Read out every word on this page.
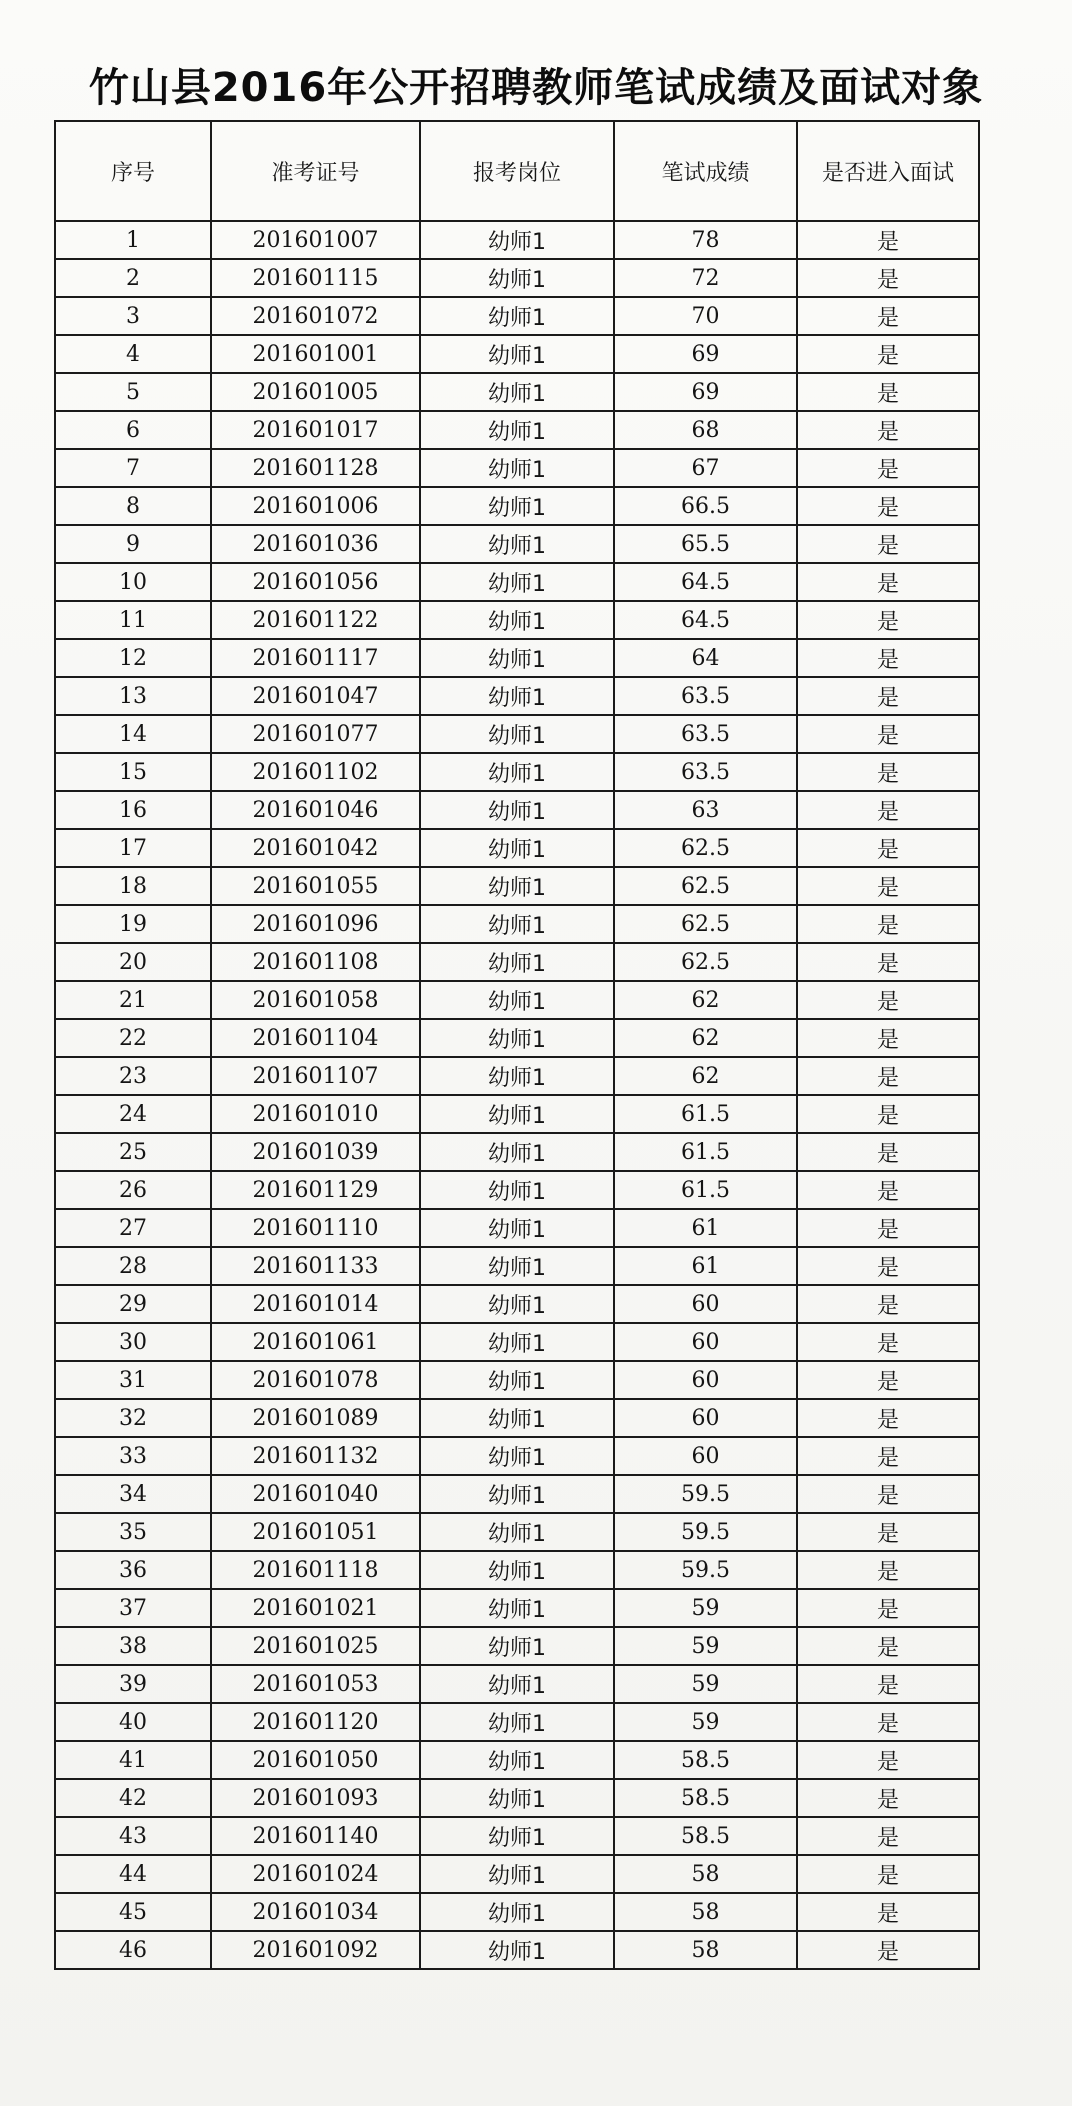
竹山县2016年公开招聘教师笔试成绩及面试对象
序号	准考证号	报考岗位	笔试成绩	是否进入面试
1	201601007	幼师1	78	是
2	201601115	幼师1	72	是
3	201601072	幼师1	70	是
4	201601001	幼师1	69	是
5	201601005	幼师1	69	是
6	201601017	幼师1	68	是
7	201601128	幼师1	67	是
8	201601006	幼师1	66.5	是
9	201601036	幼师1	65.5	是
10	201601056	幼师1	64.5	是
11	201601122	幼师1	64.5	是
12	201601117	幼师1	64	是
13	201601047	幼师1	63.5	是
14	201601077	幼师1	63.5	是
15	201601102	幼师1	63.5	是
16	201601046	幼师1	63	是
17	201601042	幼师1	62.5	是
18	201601055	幼师1	62.5	是
19	201601096	幼师1	62.5	是
20	201601108	幼师1	62.5	是
21	201601058	幼师1	62	是
22	201601104	幼师1	62	是
23	201601107	幼师1	62	是
24	201601010	幼师1	61.5	是
25	201601039	幼师1	61.5	是
26	201601129	幼师1	61.5	是
27	201601110	幼师1	61	是
28	201601133	幼师1	61	是
29	201601014	幼师1	60	是
30	201601061	幼师1	60	是
31	201601078	幼师1	60	是
32	201601089	幼师1	60	是
33	201601132	幼师1	60	是
34	201601040	幼师1	59.5	是
35	201601051	幼师1	59.5	是
36	201601118	幼师1	59.5	是
37	201601021	幼师1	59	是
38	201601025	幼师1	59	是
39	201601053	幼师1	59	是
40	201601120	幼师1	59	是
41	201601050	幼师1	58.5	是
42	201601093	幼师1	58.5	是
43	201601140	幼师1	58.5	是
44	201601024	幼师1	58	是
45	201601034	幼师1	58	是
46	201601092	幼师1	58	是
